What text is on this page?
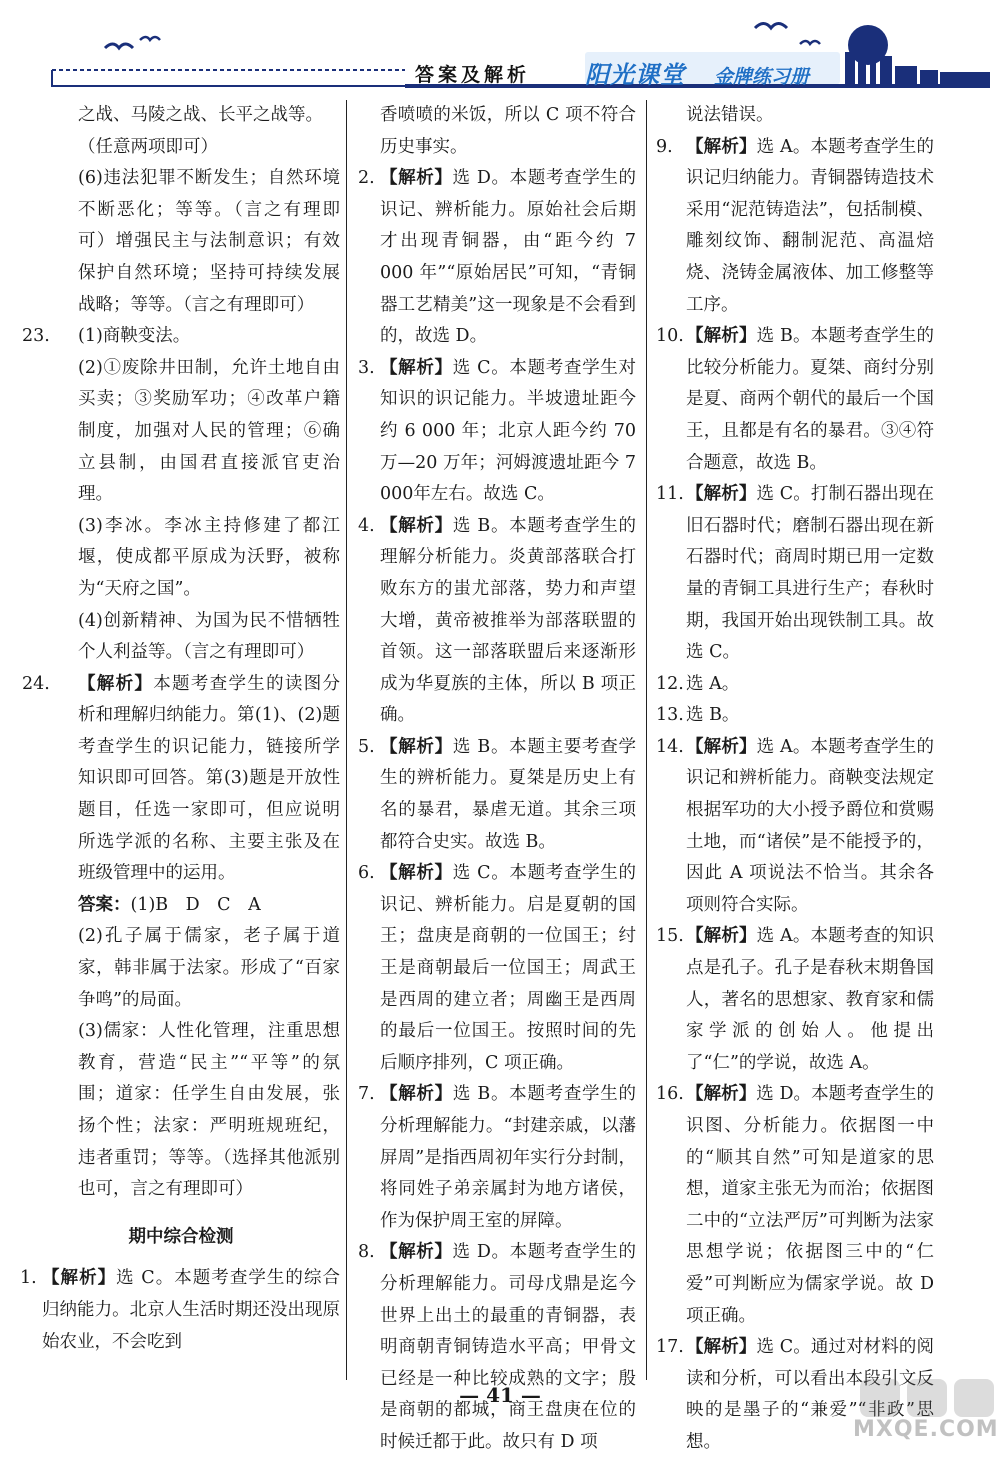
答案及解析 阳光课堂 金牌练习册

之战、马陵之战、长平之战等。

（任意两项即可）

(6)违法犯罪不断发生；自然环境不断恶化；等等。（言之有理即可）增强民主与法制意识；有效保护自然环境；坚持可持续发展战略；等等。（言之有理即可）

23.	(1)商鞅变法。

(2)①废除井田制，允许土地自由买卖；③奖励军功；④改革户籍制度，加强对人民的管理；⑥确立县制，由国君直接派官吏治理。

(3)李冰。李冰主持修建了都江堰，使成都平原成为沃野，被称为“天府之国”。

(4)创新精神、为国为民不惜牺牲个人利益等。（言之有理即可）

24.	【解析】本题考查学生的读图分析和理解归纳能力。第(1)、(2)题考查学生的识记能力，链接所学知识即可回答。第(3)题是开放性题目，任选一家即可，但应说明所选学派的名称、主要主张及在班级管理中的运用。

答案：(1)B　D　C　A

(2)孔子属于儒家，老子属于道家，韩非属于法家。形成了“百家争鸣”的局面。

(3)儒家：人性化管理，注重思想教育，营造“民主”“平等”的氛围；道家：任学生自由发展，张扬个性；法家：严明班规班纪，违者重罚；等等。（选择其他派别也可，言之有理即可）

期中综合检测
1. 【解析】选 C。本题考查学生的综合归纳能力。北京人生活时期还没出现原始农业，不会吃到

香喷喷的米饭，所以 C 项不符合历史事实。

2. 【解析】选 D。本题考查学生的识记、辨析能力。原始社会后期才出现青铜器，由“距今约 7 000 年”“原始居民”可知，“青铜器工艺精美”这一现象是不会看到的，故选 D。

3. 【解析】选 C。本题考查学生对知识的识记能力。半坡遗址距今约 6 000 年；北京人距今约 70 万—20 万年；河姆渡遗址距今 7 000年左右。故选 C。

4. 【解析】选 B。本题考查学生的理解分析能力。炎黄部落联合打败东方的蚩尤部落，势力和声望大增，黄帝被推举为部落联盟的首领。这一部落联盟后来逐渐形成为华夏族的主体，所以 B 项正确。

5. 【解析】选 B。本题主要考查学生的辨析能力。夏桀是历史上有名的暴君，暴虐无道。其余三项都符合史实。故选 B。

6. 【解析】选 C。本题考查学生的识记、辨析能力。启是夏朝的国王；盘庚是商朝的一位国王；纣王是商朝最后一位国王；周武王是西周的建立者；周幽王是西周的最后一位国王。按照时间的先后顺序排列，C 项正确。

7. 【解析】选 B。本题考查学生的分析理解能力。“封建亲戚，以藩屏周”是指西周初年实行分封制，将同姓子弟亲属封为地方诸侯，作为保护周王室的屏障。

8. 【解析】选 D。本题考查学生的分析理解能力。司母戊鼎是迄今世界上出土的最重的青铜器，表明商朝青铜铸造水平高；甲骨文已经是一种比较成熟的文字；殷是商朝的都城，商王盘庚在位的时候迁都于此。故只有 D 项

说法错误。

9. 【解析】选 A。本题考查学生的识记归纳能力。青铜器铸造技术采用“泥范铸造法”，包括制模、雕刻纹饰、翻制泥范、高温焙烧、浇铸金属液体、加工修整等工序。

10. 【解析】选 B。本题考查学生的比较分析能力。夏桀、商纣分别是夏、商两个朝代的最后一个国王，且都是有名的暴君。③④符合题意，故选 B。

11. 【解析】选 C。打制石器出现在旧石器时代；磨制石器出现在新石器时代；商周时期已用一定数量的青铜工具进行生产；春秋时期，我国开始出现铁制工具。故选 C。

12. 选 A。

13. 选 B。

14. 【解析】选 A。本题考查学生的识记和辨析能力。商鞅变法规定根据军功的大小授予爵位和赏赐土地，而“诸侯”是不能授予的，因此 A 项说法不恰当。其余各项则符合实际。

15. 【解析】选 A。本题考查的知识点是孔子。孔子是春秋末期鲁国人，著名的思想家、教育家和儒家学派的创始人。他提出了“仁”的学说，故选 A。

16. 【解析】选 D。本题考查学生的识图、分析能力。依据图一中的“顺其自然”可知是道家的思想，道家主张无为而治；依据图二中的“立法严厉”可判断为法家思想学说；依据图三中的“仁爱”可判断应为儒家学说。故 D 项正确。

17. 【解析】选 C。通过对材料的阅读和分析，可以看出本段引文反映的是墨子的“兼爱”“非政”思想。

— 41 —
MXQE.COM
